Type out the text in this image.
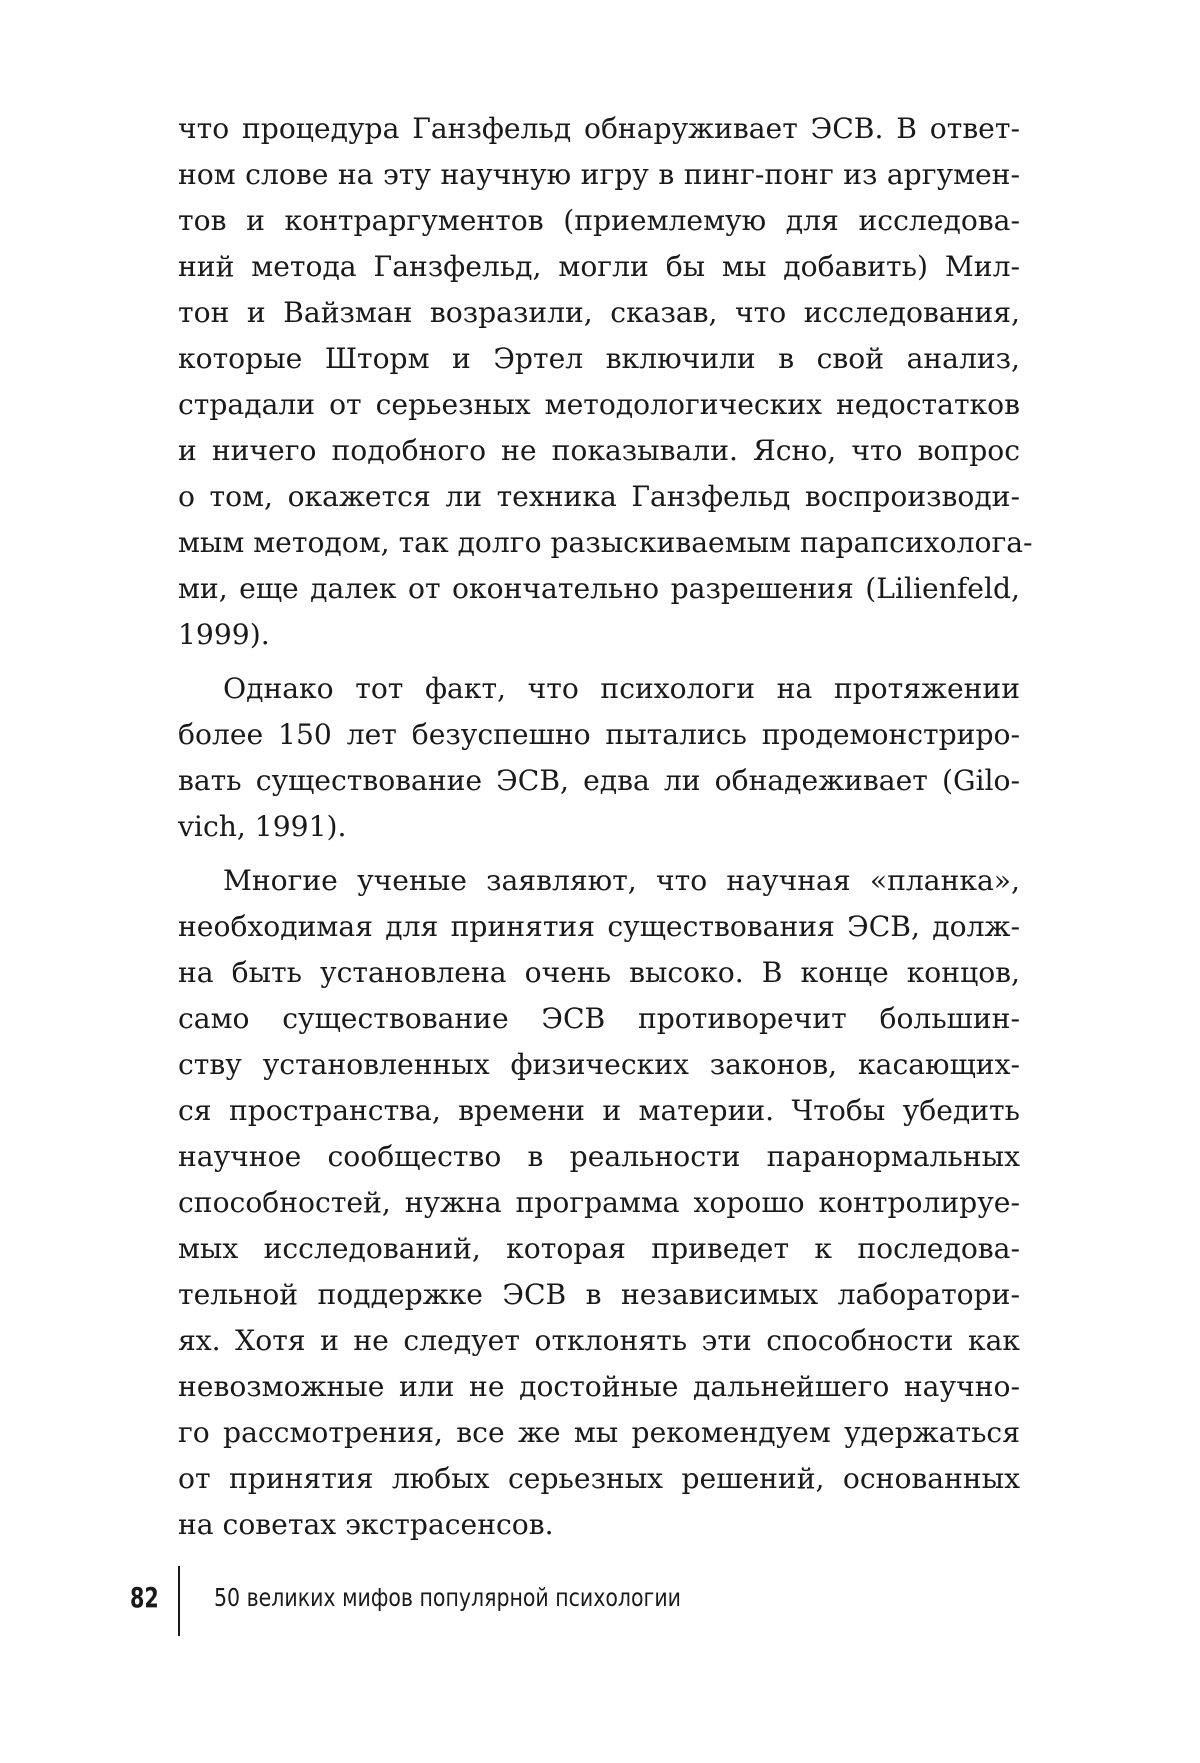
что процедура Ганзфельд обнаруживает ЭСВ. В ответ-
ном слове на эту научную игру в пинг-понг из аргумен-
тов и контраргументов (приемлемую для исследова-
ний метода Ганзфельд, могли бы мы добавить) Мил-
тон и Вайзман возразили, сказав, что исследования,
которые Шторм и Эртел включили в свой анализ,
страдали от серьезных методологических недостатков
и ничего подобного не показывали. Ясно, что вопрос
о том, окажется ли техника Ганзфельд воспроизводи-
мым методом, так долго разыскиваемым парапсихолога-
ми, еще далек от окончательно разрешения (Lilienfeld,
1999).
Однако тот факт, что психологи на протяжении
более 150 лет безуспешно пытались продемонстриро-
вать существование ЭСВ, едва ли обнадеживает (Gilo-
vich, 1991).
Многие ученые заявляют, что научная «планка»,
необходимая для принятия существования ЭСВ, долж-
на быть установлена очень высоко. В конце концов,
само существование ЭСВ противоречит большин-
ству установленных физических законов, касающих-
ся пространства, времени и материи. Чтобы убедить
научное сообщество в реальности паранормальных
способностей, нужна программа хорошо контролируе-
мых исследований, которая приведет к последова-
тельной поддержке ЭСВ в независимых лаборатори-
ях. Хотя и не следует отклонять эти способности как
невозможные или не достойные дальнейшего научно-
го рассмотрения, все же мы рекомендуем удержаться
от принятия любых серьезных решений, основанных
на советах экстрасенсов.
82 50 великих мифов популярной психологии
